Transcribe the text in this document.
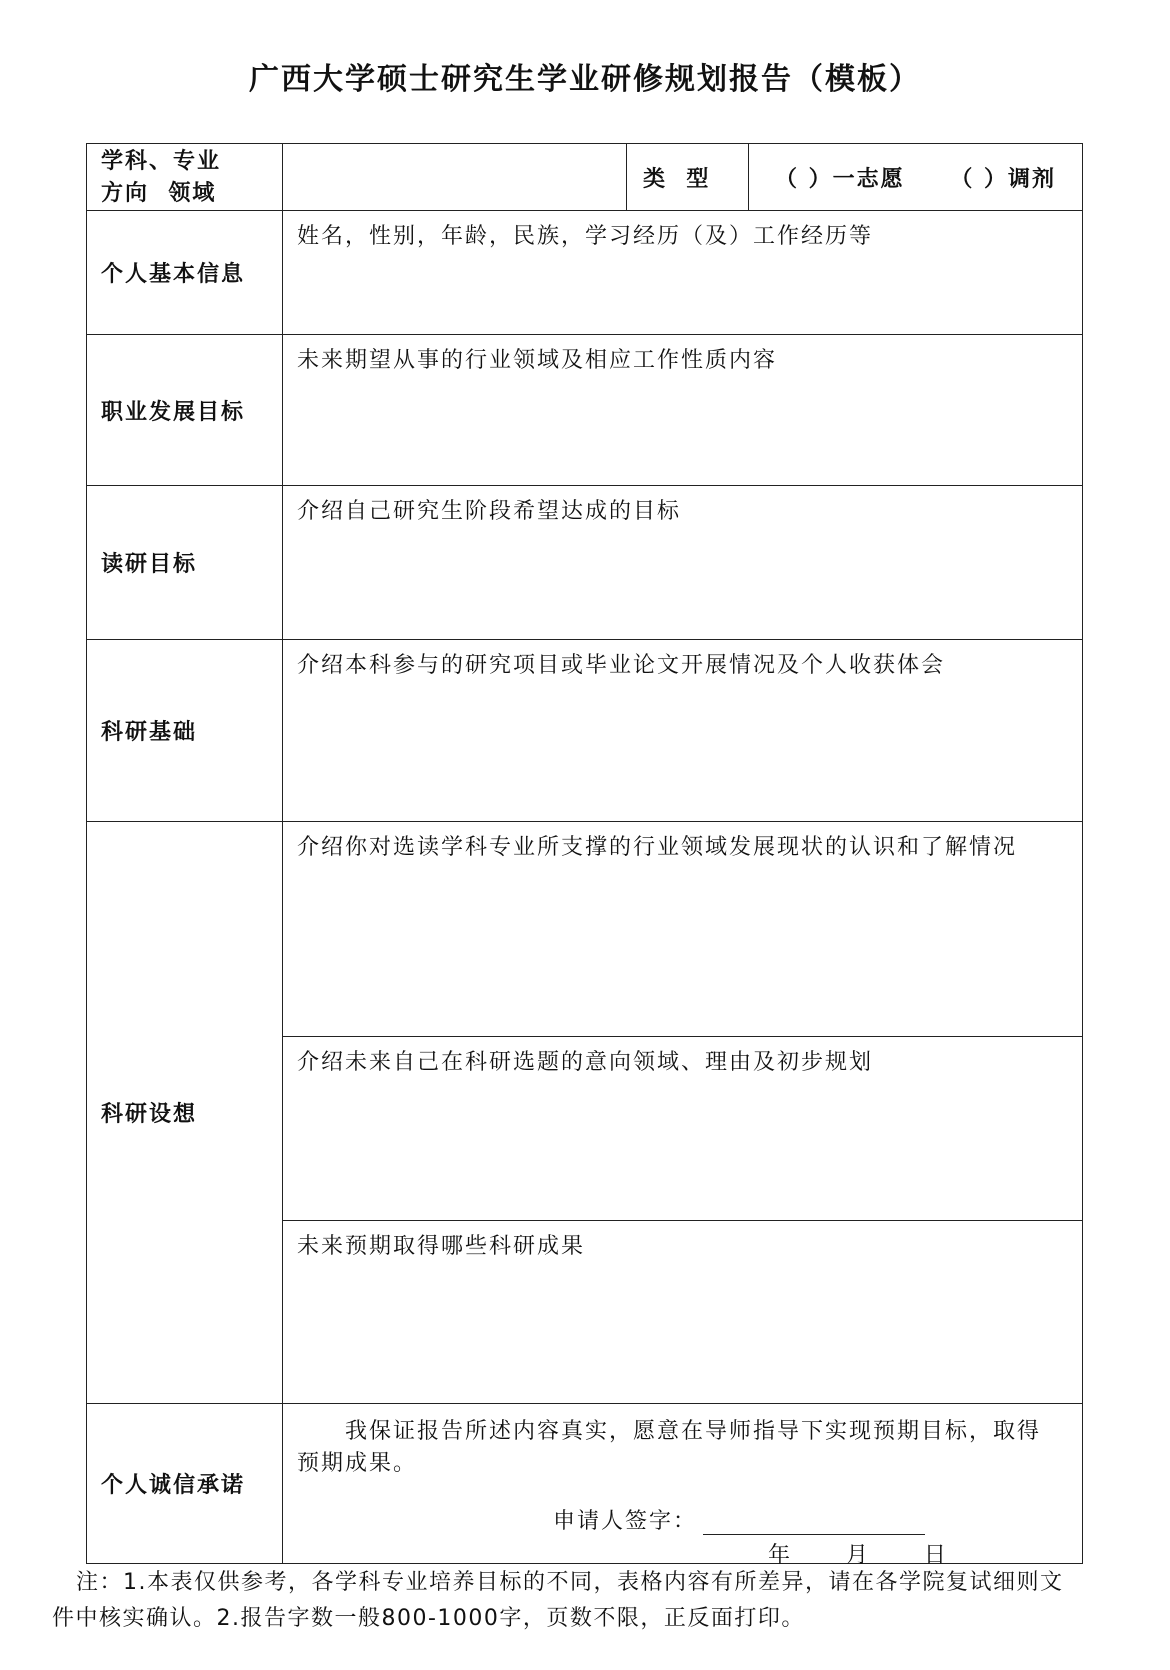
广西大学硕士研究生学业研修规划报告（模板）
学科、专业
方向  领域		类  型	（ ）一志愿 （ ）调剂
个人基本信息	姓名，性别，年龄，民族，学习经历（及）工作经历等		
职业发展目标	未来期望从事的行业领域及相应工作性质内容		
读研目标	介绍自己研究生阶段希望达成的目标		
科研基础	介绍本科参与的研究项目或毕业论文开展情况及个人收获体会		
科研设想	介绍你对选读学科专业所支撑的行业领域发展现状的认识和了解情况		
	介绍未来自己在科研选题的意向领域、理由及初步规划		
	未来预期取得哪些科研成果		
个人诚信承诺	我保证报告所述内容真实，愿意在导师指导下实现预期目标，取得预期成果。
申请人签字：
年      月      日		
注：1.本表仅供参考，各学科专业培养目标的不同，表格内容有所差异，请在各学院复试细则文
件中核实确认。2.报告字数一般800-1000字，页数不限，正反面打印。
